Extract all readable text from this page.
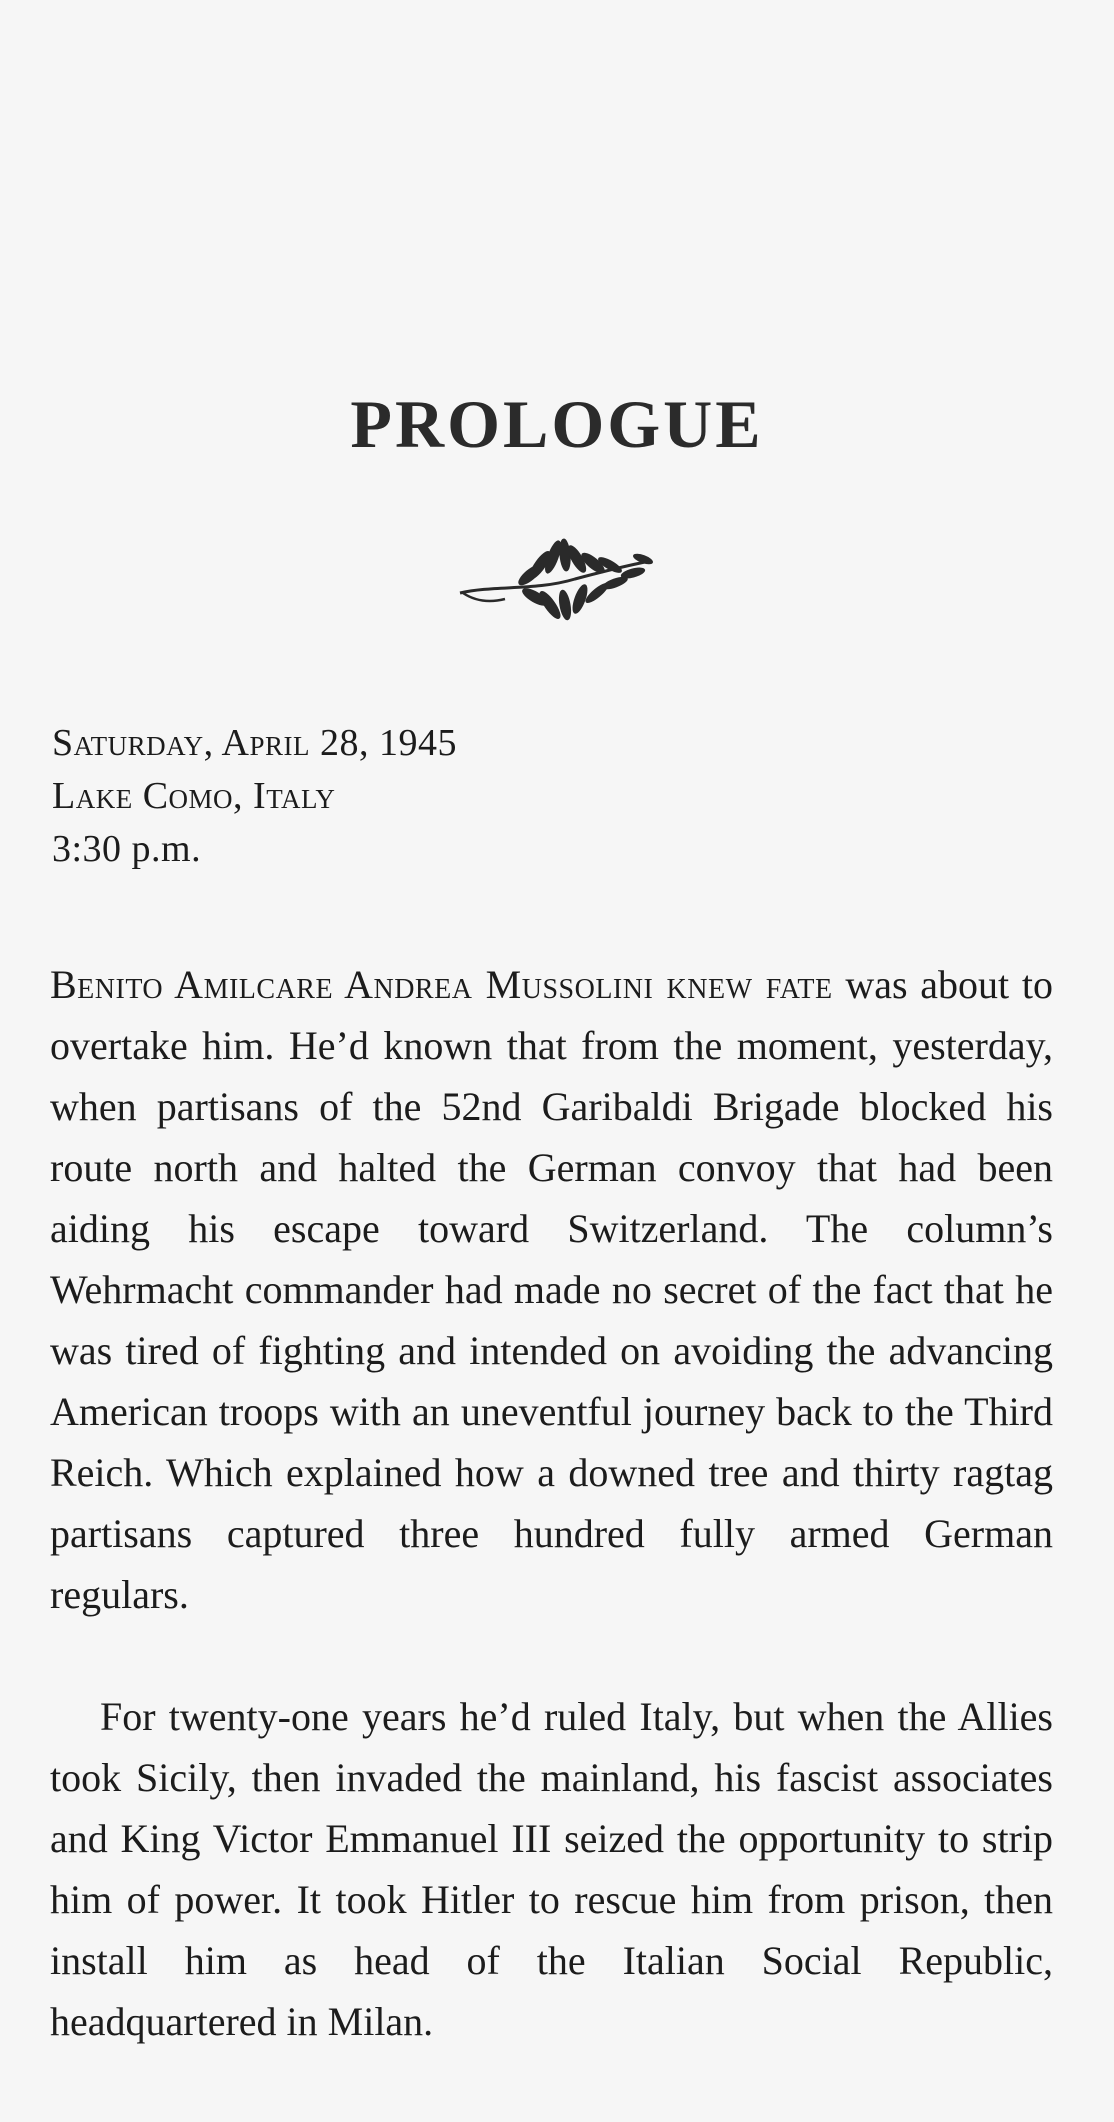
PROLOGUE
Saturday, April 28, 1945
Lake Como, Italy
3:30 p.m.

Benito Amilcare Andrea Mussolini knew fate was about to overtake him. He’d known that from the moment, yesterday, when partisans of the 52nd Garibaldi Brigade blocked his route north and halted the German convoy that had been aiding his escape toward Switzerland. The column’s Wehrmacht commander had made no secret of the fact that he was tired of fighting and intended on avoiding the advancing American troops with an uneventful journey back to the Third Reich. Which explained how a downed tree and thirty ragtag partisans captured three hundred fully armed German regulars.

For twenty-one years he’d ruled Italy, but when the Allies took Sicily, then invaded the mainland, his fascist associates and King Victor Emmanuel III seized the opportunity to strip him of power. It took Hitler to rescue him from prison, then install him as head of the Italian Social Republic, headquartered in Milan.
